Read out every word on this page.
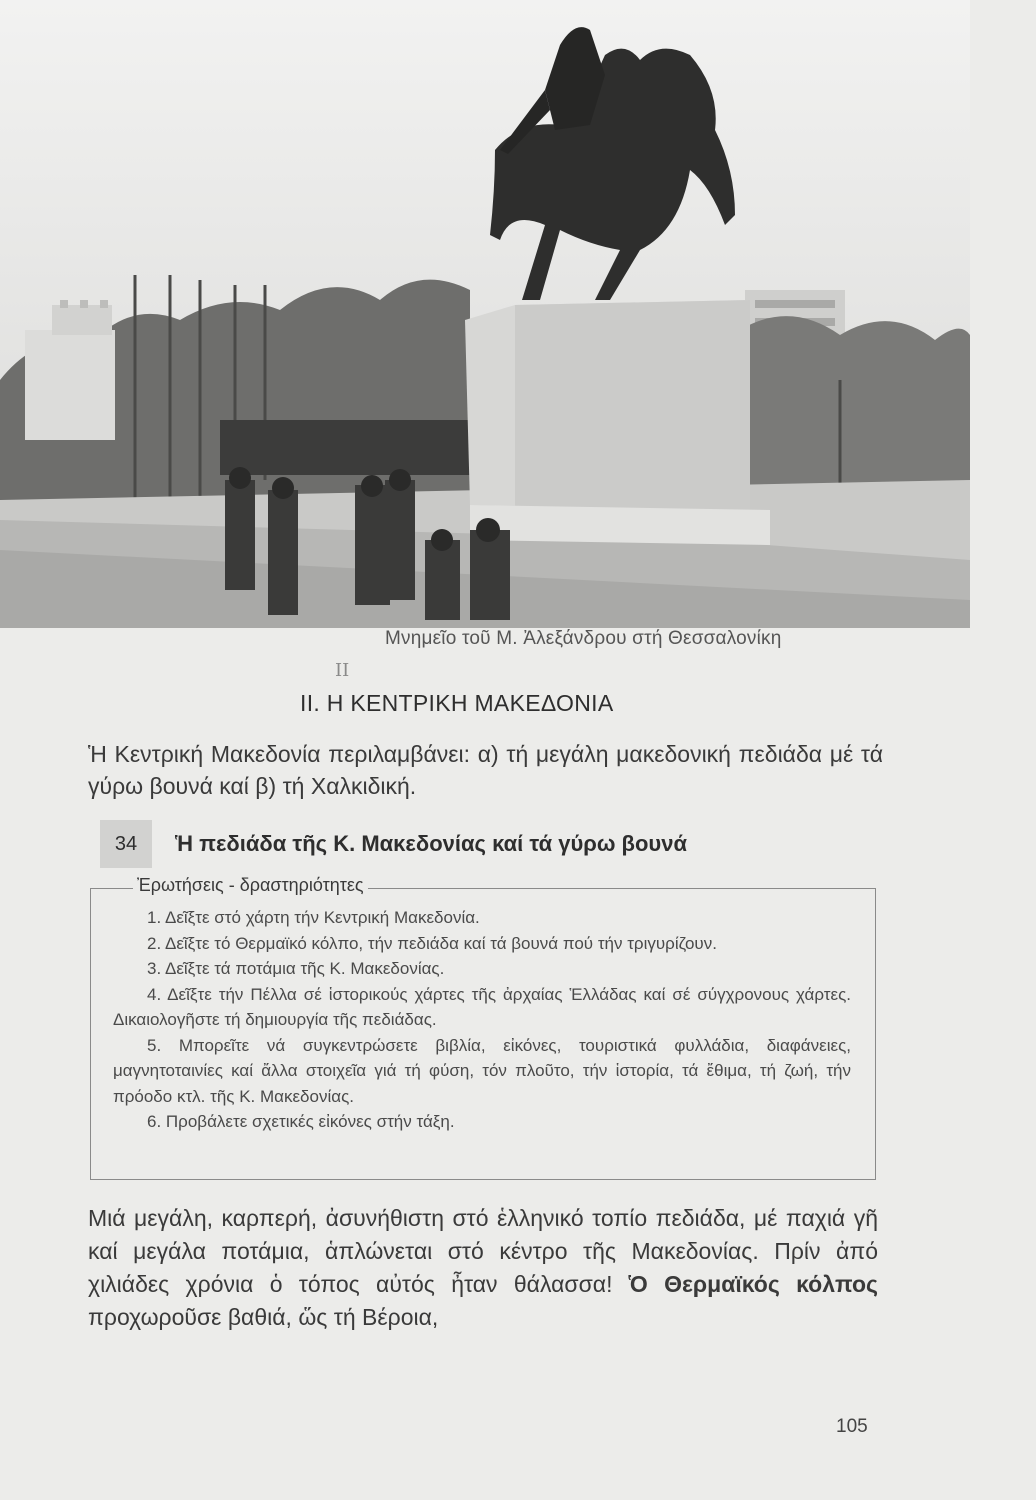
Μνημεῖο τοῦ Μ. Ἀλεξάνδρου στή Θεσσαλονίκη
ΙΙ
ΙΙ. Η ΚΕΝΤΡΙΚΗ ΜΑΚΕΔΟΝΙΑ
Ἡ Κεντρική Μακεδονία περιλαμβάνει: α) τή μεγάλη μακεδονική πεδιάδα μέ τά γύρω βουνά καί β) τή Χαλκιδική.
34	Ἡ πεδιάδα τῆς Κ. Μακεδονίας καί τά γύρω βουνά
Ἐρωτήσεις - δραστηριότητες

1. Δεῖξτε στό χάρτη τήν Κεντρική Μακεδονία.

2. Δεῖξτε τό Θερμαϊκό κόλπο, τήν πεδιάδα καί τά βουνά πού τήν τριγυρίζουν.

3. Δεῖξτε τά ποτάμια τῆς Κ. Μακεδονίας.

4. Δεῖξτε τήν Πέλλα σέ ἱστορικούς χάρτες τῆς ἀρχαίας Ἑλλάδας καί σέ σύγχρονους χάρτες. Δικαιολογῆστε τή δημιουργία τῆς πεδιάδας.

5. Μπορεῖτε νά συγκεντρώσετε βιβλία, εἰκόνες, τουριστικά φυλλάδια, διαφάνειες, μαγνητοταινίες καί ἄλλα στοιχεῖα γιά τή φύση, τόν πλοῦτο, τήν ἱστορία, τά ἔθιμα, τή ζωή, τήν πρόοδο κτλ. τῆς Κ. Μακεδονίας.

6. Προβάλετε σχετικές εἰκόνες στήν τάξη.

Μιά μεγάλη, καρπερή, ἀσυνήθιστη στό ἑλληνικό τοπίο πεδιάδα, μέ παχιά γῆ καί μεγάλα ποτάμια, ἁπλώνεται στό κέντρο τῆς Μακεδονίας. Πρίν ἀπό χιλιάδες χρόνια ὁ τόπος αὐτός ἦταν θάλασσα! Ὁ Θερμαϊκός κόλπος προχωροῦσε βαθιά, ὥς τή Βέροια,
105
